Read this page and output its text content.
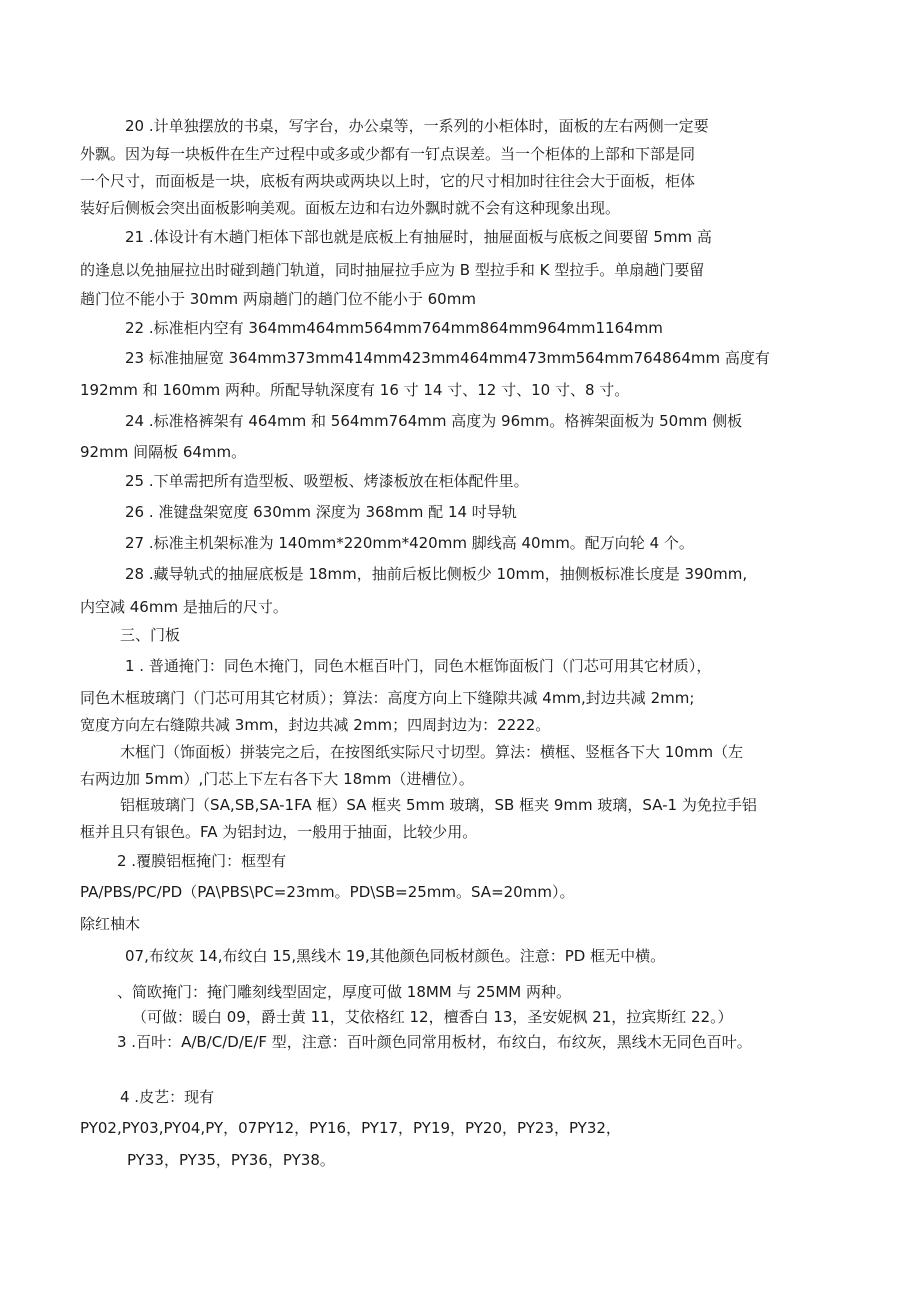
20 .计单独摆放的书桌，写字台，办公桌等，一系列的小柜体时，面板的左右两侧一定要
外飘。因为每一块板件在生产过程中或多或少都有一钉点误差。当一个柜体的上部和下部是同
一个尺寸，而面板是一块，底板有两块或两块以上时，它的尺寸相加时往往会大于面板，柜体
装好后侧板会突出面板影响美观。面板左边和右边外飘时就不会有这种现象出现。
21 .体设计有木趟门柜体下部也就是底板上有抽屉时，抽屉面板与底板之间要留 5mm 高
的逢息以免抽屉拉出时碰到趟门轨道，同时抽屉拉手应为 B 型拉手和 K 型拉手。单扇趟门要留
趟门位不能小于 30mm 两扇趟门的趟门位不能小于 60mm
22 .标准柜内空有 364mm464mm564mm764mm864mm964mm1164mm
23 标准抽屉宽 364mm373mm414mm423mm464mm473mm564mm764864mm 高度有
192mm 和 160mm 两种。所配导轨深度有 16 寸 14 寸、12 寸、10 寸、8 寸。
24 .标准格裤架有 464mm 和 564mm764mm 高度为 96mm。格裤架面板为 50mm 侧板
92mm 间隔板 64mm。
25 .下单需把所有造型板、吸塑板、烤漆板放在柜体配件里。
26 . 准键盘架宽度 630mm 深度为 368mm 配 14 吋导轨
27 .标准主机架标准为 140mm*220mm*420mm 脚线高 40mm。配万向轮 4 个。
28 .藏导轨式的抽屉底板是 18mm，抽前后板比侧板少 10mm，抽侧板标准长度是 390mm,
内空减 46mm 是抽后的尺寸。
三、门板
1 . 普通掩门：同色木掩门，同色木框百叶门，同色木框饰面板门（门芯可用其它材质），
同色木框玻璃门（门芯可用其它材质）；算法：高度方向上下缝隙共减 4mm,封边共减 2mm;
宽度方向左右缝隙共减 3mm，封边共减 2mm；四周封边为：2222。
木框门（饰面板）拼装完之后，在按图纸实际尺寸切型。算法：横框、竖框各下大 10mm（左
右两边加 5mm）,门芯上下左右各下大 18mm（进槽位）。
铝框玻璃门（SA,SB,SA-1FA 框）SA 框夹 5mm 玻璃，SB 框夹 9mm 玻璃，SA-1 为免拉手铝
框并且只有银色。FA 为铝封边，一般用于抽面，比较少用。
2 .覆膜铝框掩门：框型有
PA/PBS/PC/PD（PA\PBS\PC=23mm。PD\SB=25mm。SA=20mm）。
除红柚木
07,布纹灰 14,布纹白 15,黑线木 19,其他颜色同板材颜色。注意：PD 框无中横。
、简欧掩门：掩门雕刻线型固定，厚度可做 18MM 与 25MM 两种。
（可做：暖白 09，爵士黄 11，艾依格红 12，檀香白 13，圣安妮枫 21，拉宾斯红 22。）
3 .百叶：A/B/C/D/E/F 型，注意：百叶颜色同常用板材，布纹白，布纹灰，黑线木无同色百叶。
4 .皮艺：现有
PY02,PY03,PY04,PY，07PY12，PY16，PY17，PY19，PY20，PY23，PY32，
PY33，PY35，PY36，PY38。
